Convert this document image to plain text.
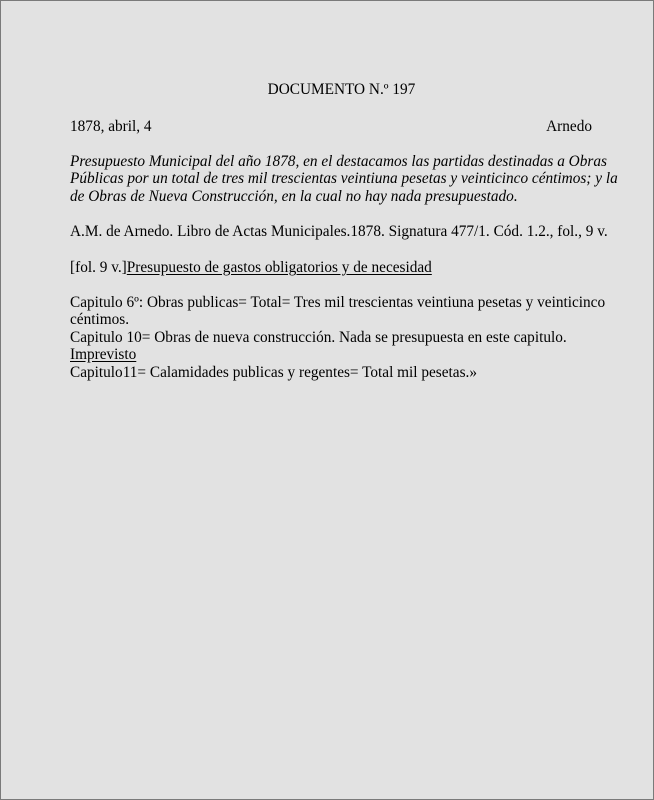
DOCUMENTO N.º 197
1878, abril, 4	Arnedo

Presupuesto Municipal del año 1878, en el destacamos las partidas destinadas a Obras Públicas por un total de tres mil trescientas veintiuna pesetas y veinticinco céntimos; y la de Obras de Nueva Construcción, en la cual no hay nada presupuestado.

A.M. de Arnedo. Libro de Actas Municipales.1878. Signatura 477/1. Cód. 1.2., fol., 9 v.

[fol. 9 v.]Presupuesto de gastos obligatorios y de necesidad

Capitulo 6º: Obras publicas= Total= Tres mil trescientas veintiuna pesetas y veinticinco céntimos.

Capitulo 10= Obras de nueva construcción. Nada se presupuesta en este capitulo.

Imprevisto

Capitulo11= Calamidades publicas y regentes= Total mil pesetas.»
